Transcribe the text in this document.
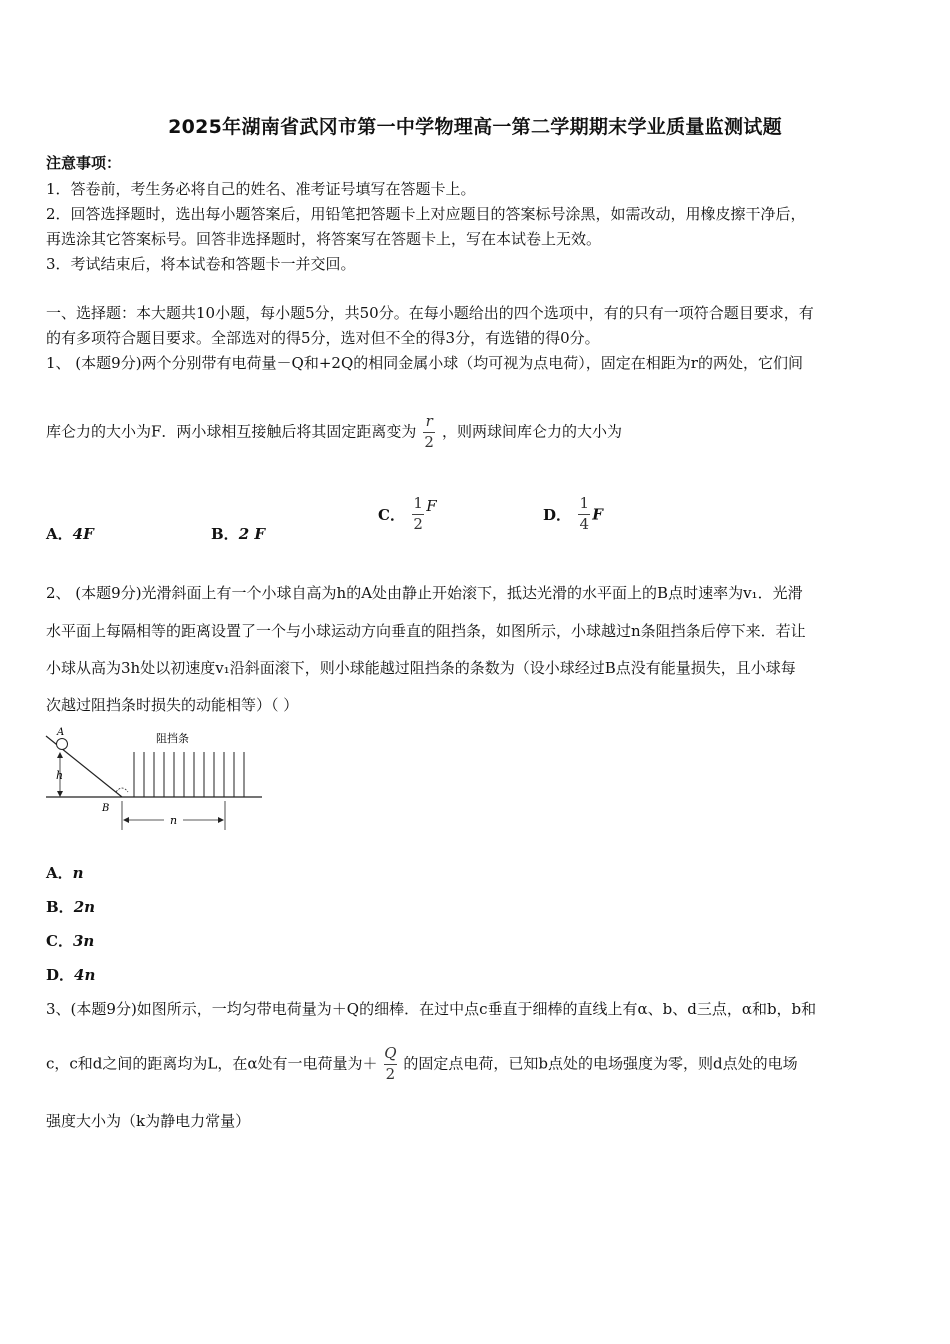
2025年湖南省武冈市第一中学物理高一第二学期期末学业质量监测试题
注意事项：
1．答卷前，考生务必将自己的姓名、准考证号填写在答题卡上。
2．回答选择题时，选出每小题答案后，用铅笔把答题卡上对应题目的答案标号涂黑，如需改动，用橡皮擦干净后，
再选涂其它答案标号。回答非选择题时，将答案写在答题卡上，写在本试卷上无效。
3．考试结束后，将本试卷和答题卡一并交回。
一、选择题：本大题共10小题，每小题5分，共50分。在每小题给出的四个选项中，有的只有一项符合题目要求，有
的有多项符合题目要求。全部选对的得5分，选对但不全的得3分，有选错的得0分。
1、 (本题9分)两个分别带有电荷量－Q和+2Q的相同金属小球（均可视为点电荷），固定在相距为r的两处，它们间
库仑力的大小为F．两小球相互接触后将其固定距离变为 $\frac{r}{2}$ ，则两球间库仑力的大小为
A．4F	B．2 F
C． $\frac{1}{2}$ F	D． $\frac{1}{4}$ F
2、 (本题9分)光滑斜面上有一个小球自高为h的A处由静止开始滚下，抵达光滑的水平面上的B点时速率为v₁．光滑
水平面上每隔相等的距离设置了一个与小球运动方向垂直的阻挡条，如图所示，小球越过n条阻挡条后停下来．若让
小球从高为3h处以初速度v₁沿斜面滚下，则小球能越过阻挡条的条数为（设小球经过B点没有能量损失，且小球每
次越过阻挡条时损失的动能相等）（ ）
A
h
B
阻挡条
n
A．n
B．2n
C．3n
D．4n
3、(本题9分)如图所示，一均匀带电荷量为＋Q的细棒．在过中点c垂直于细棒的直线上有α、b、d三点，α和b，b和
c，c和d之间的距离均为L，在α处有一电荷量为＋ $\frac{Q}{2}$ 的固定点电荷，已知b点处的电场强度为零，则d点处的电场
强度大小为（k为静电力常量）
